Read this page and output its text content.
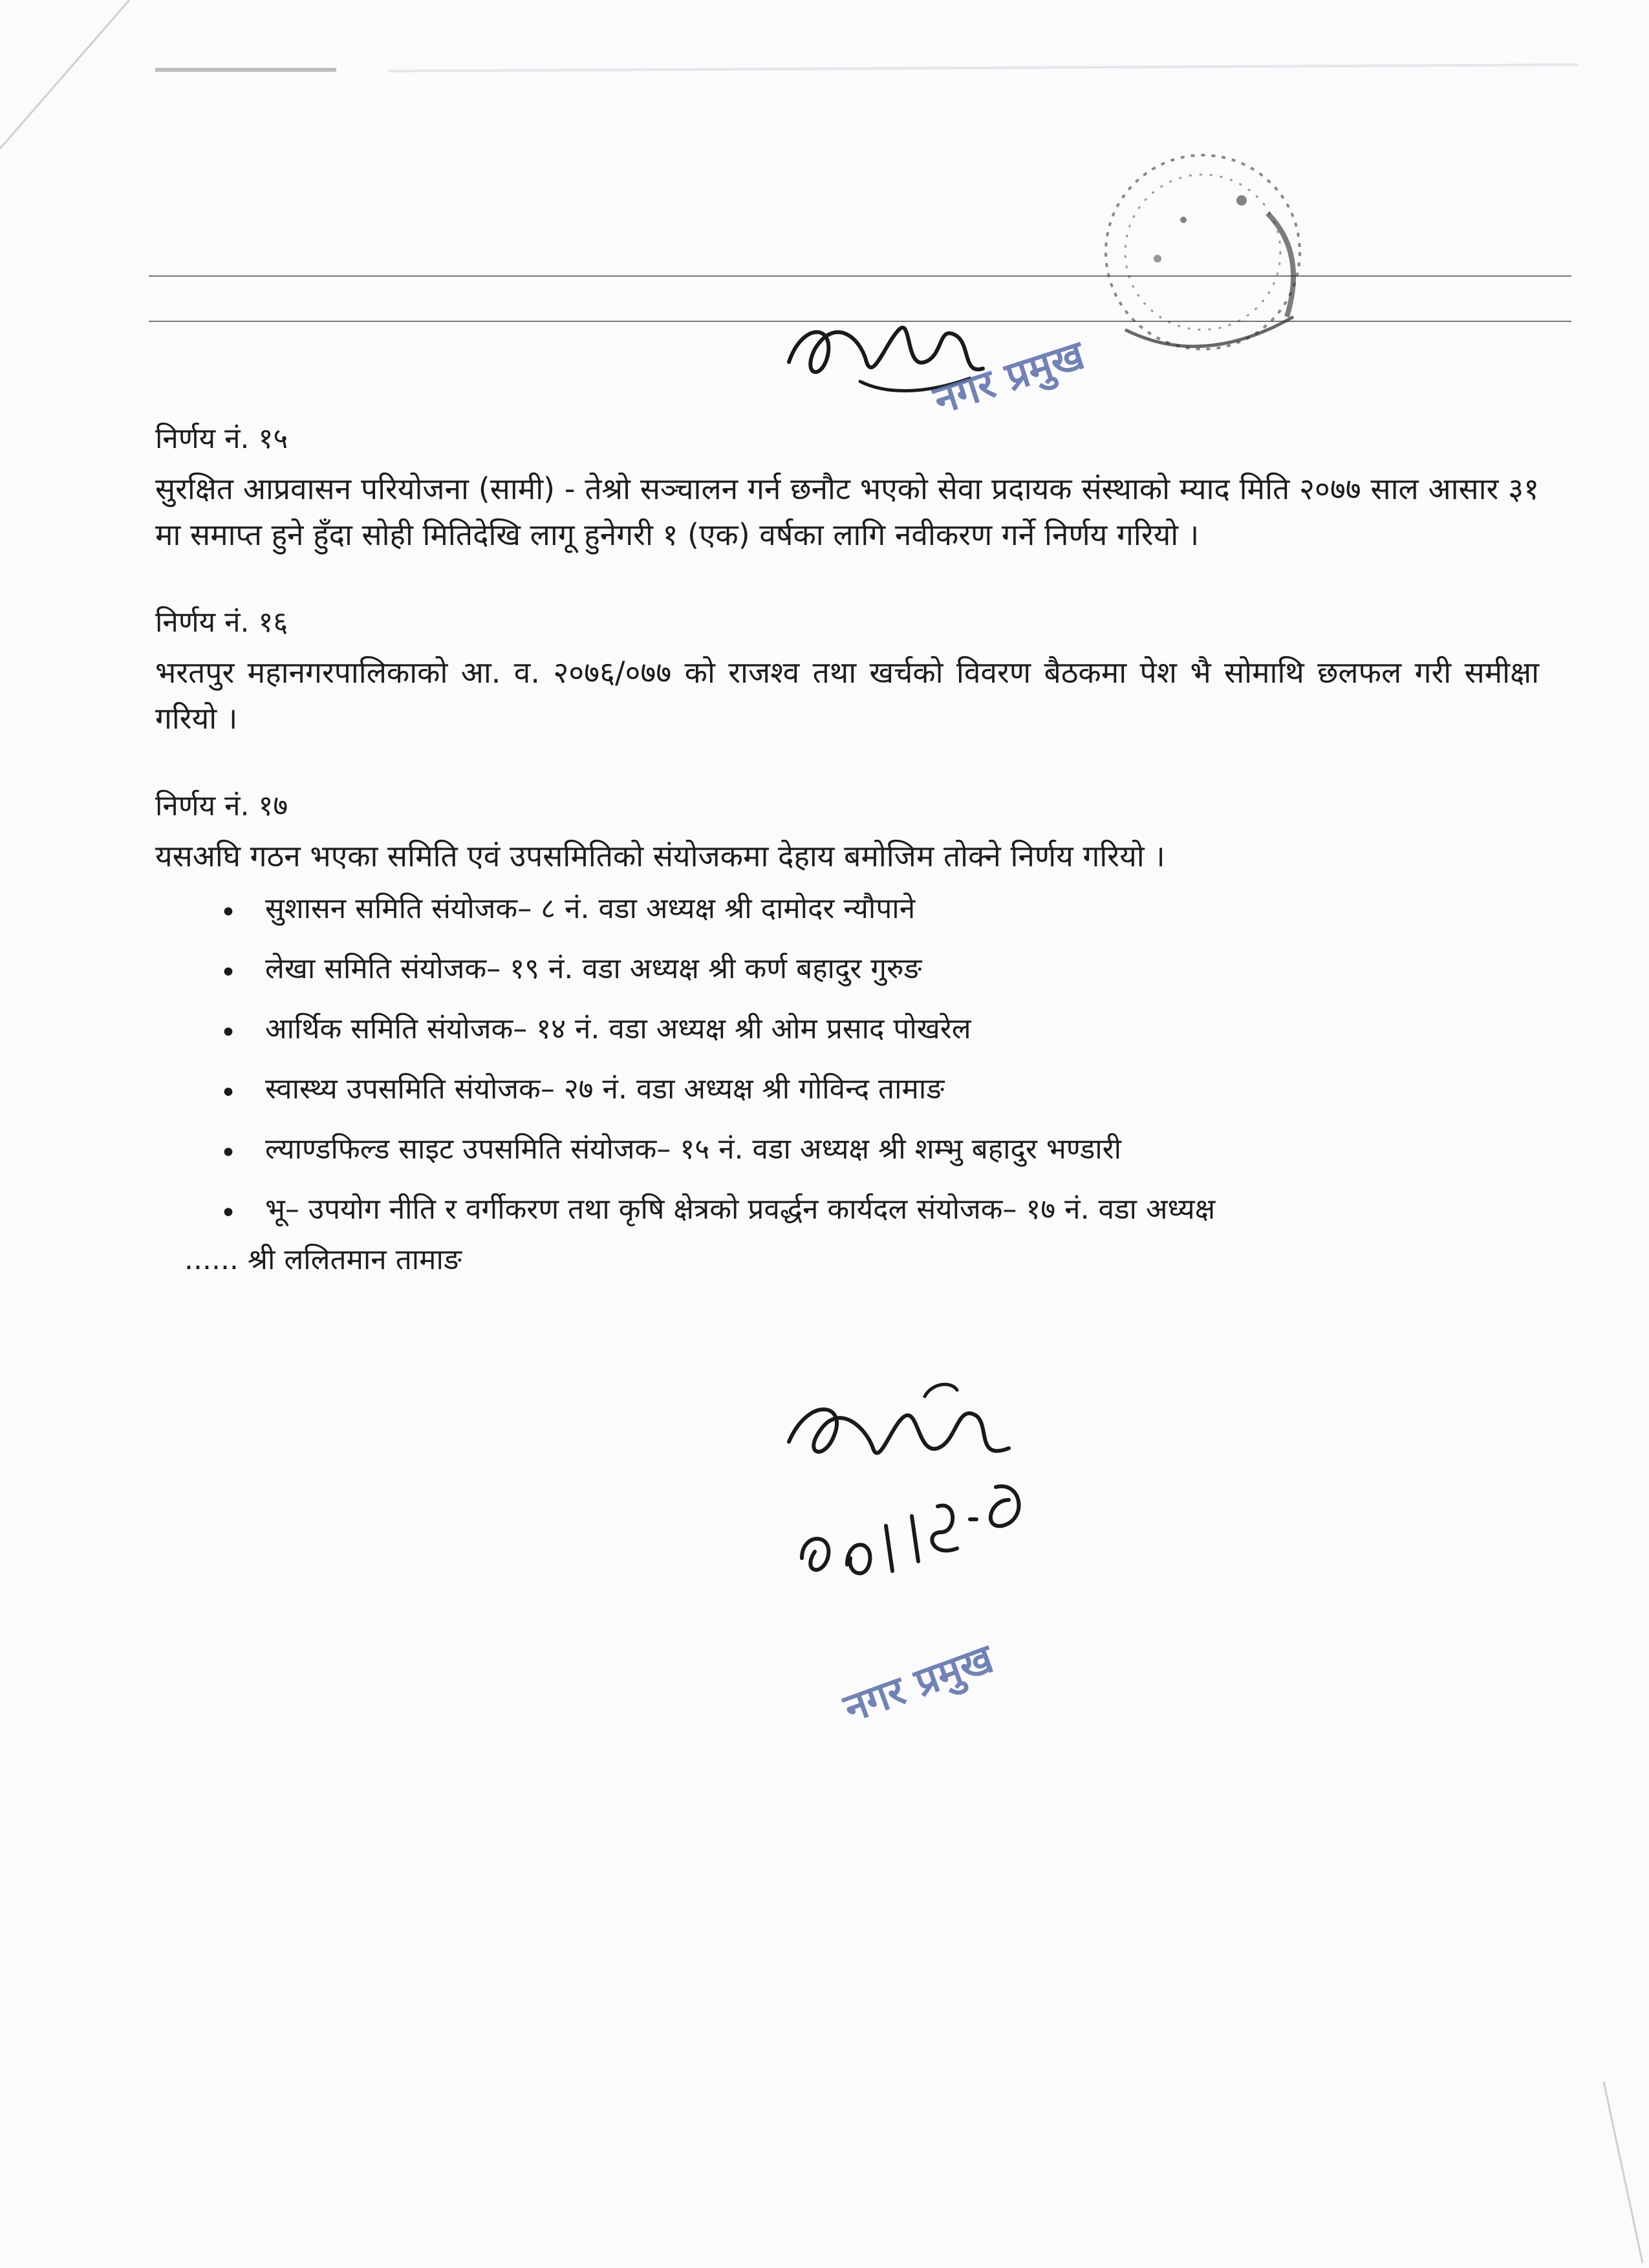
नगर प्रमुख

निर्णय नं. १५

सुरक्षित आप्रवासन परियोजना (सामी) - तेश्रो सञ्चालन गर्न छनौट भएको सेवा प्रदायक संस्थाको म्याद मिति २०७७ साल आसार ३१ मा समाप्त हुने हुँदा सोही मितिदेखि लागू हुनेगरी १ (एक) वर्षका लागि नवीकरण गर्ने निर्णय गरियो ।

निर्णय नं. १६

भरतपुर महानगरपालिकाको आ. व. २०७६/०७७ को राजश्व तथा खर्चको विवरण बैठकमा पेश भै सोमाथि छलफल गरी समीक्षा गरियो ।

निर्णय नं. १७

यसअघि गठन भएका समिति एवं उपसमितिको संयोजकमा देहाय बमोजिम तोक्ने निर्णय गरियो ।

• सुशासन समिति संयोजक– ८ नं. वडा अध्यक्ष श्री दामोदर न्यौपाने
• लेखा समिति संयोजक– १९ नं. वडा अध्यक्ष श्री कर्ण बहादुर गुरुङ
• आर्थिक समिति संयोजक– १४ नं. वडा अध्यक्ष श्री ओम प्रसाद पोखरेल
• स्वास्थ्य उपसमिति संयोजक– २७ नं. वडा अध्यक्ष श्री गोविन्द तामाङ
• ल्याण्डफिल्ड साइट उपसमिति संयोजक– १५ नं. वडा अध्यक्ष श्री शम्भु बहादुर भण्डारी
• भू– उपयोग नीति र वर्गीकरण तथा कृषि क्षेत्रको प्रवर्द्धन कार्यदल संयोजक– १७ नं. वडा अध्यक्ष

...... श्री ललितमान तामाङ

नगर प्रमुख
